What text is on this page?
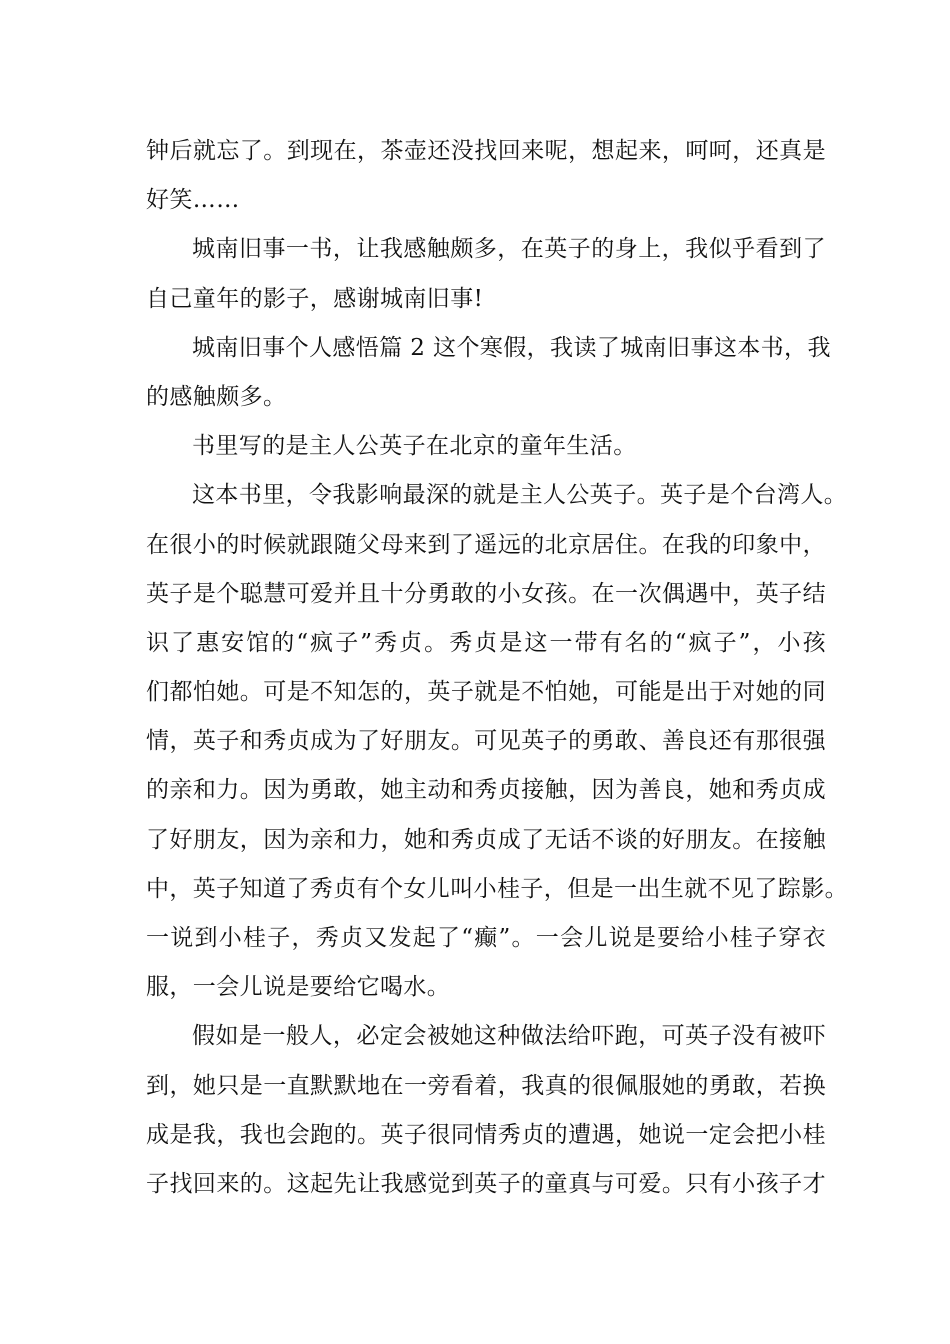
钟后就忘了。到现在，茶壶还没找回来呢，想起来，呵呵，还真是
好笑……
城南旧事一书，让我感触颇多，在英子的身上，我似乎看到了
自己童年的影子，感谢城南旧事!
城南旧事个人感悟篇 2 这个寒假，我读了城南旧事这本书，我
的感触颇多。
书里写的是主人公英子在北京的童年生活。
这本书里，令我影响最深的就是主人公英子。英子是个台湾人。
在很小的时候就跟随父母来到了遥远的北京居住。在我的印象中，
英子是个聪慧可爱并且十分勇敢的小女孩。在一次偶遇中，英子结
识了惠安馆的“疯子”秀贞。秀贞是这一带有名的“疯子”，小孩
们都怕她。可是不知怎的，英子就是不怕她，可能是出于对她的同
情，英子和秀贞成为了好朋友。可见英子的勇敢、善良还有那很强
的亲和力。因为勇敢，她主动和秀贞接触，因为善良，她和秀贞成
了好朋友，因为亲和力，她和秀贞成了无话不谈的好朋友。在接触
中，英子知道了秀贞有个女儿叫小桂子，但是一出生就不见了踪影。
一说到小桂子，秀贞又发起了“癫”。一会儿说是要给小桂子穿衣
服，一会儿说是要给它喝水。
假如是一般人，必定会被她这种做法给吓跑，可英子没有被吓
到，她只是一直默默地在一旁看着，我真的很佩服她的勇敢，若换
成是我，我也会跑的。英子很同情秀贞的遭遇，她说一定会把小桂
子找回来的。这起先让我感觉到英子的童真与可爱。只有小孩子才
